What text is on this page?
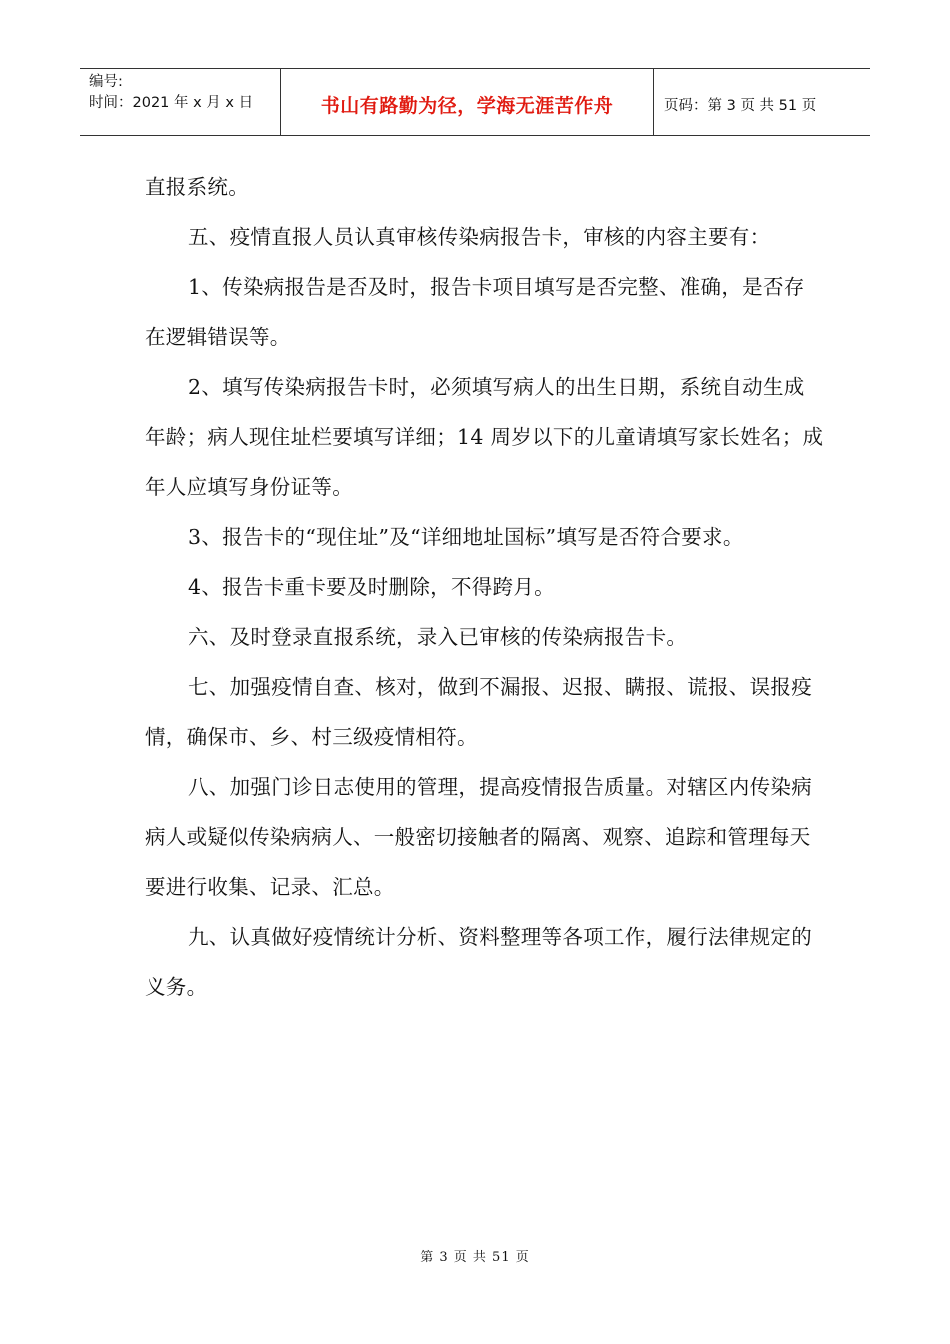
编号:
时间：2021 年 x 月 x 日	书山有路勤为径，学海无涯苦作舟	页码：第 3 页 共 51 页

直报系统。

五、疫情直报人员认真审核传染病报告卡，审核的内容主要有：

1、传染病报告是否及时，报告卡项目填写是否完整、准确，是否存在逻辑错误等。

2、填写传染病报告卡时，必须填写病人的出生日期，系统自动生成年龄；病人现住址栏要填写详细；14 周岁以下的儿童请填写家长姓名；成年人应填写身份证等。

3、报告卡的“现住址”及“详细地址国标”填写是否符合要求。

4、报告卡重卡要及时删除，不得跨月。

六、及时登录直报系统，录入已审核的传染病报告卡。

七、加强疫情自查、核对，做到不漏报、迟报、瞒报、谎报、误报疫情，确保市、乡、村三级疫情相符。

八、加强门诊日志使用的管理，提高疫情报告质量。对辖区内传染病病人或疑似传染病病人、一般密切接触者的隔离、观察、追踪和管理每天要进行收集、记录、汇总。

九、认真做好疫情统计分析、资料整理等各项工作，履行法律规定的义务。

第 3 页 共 51 页
